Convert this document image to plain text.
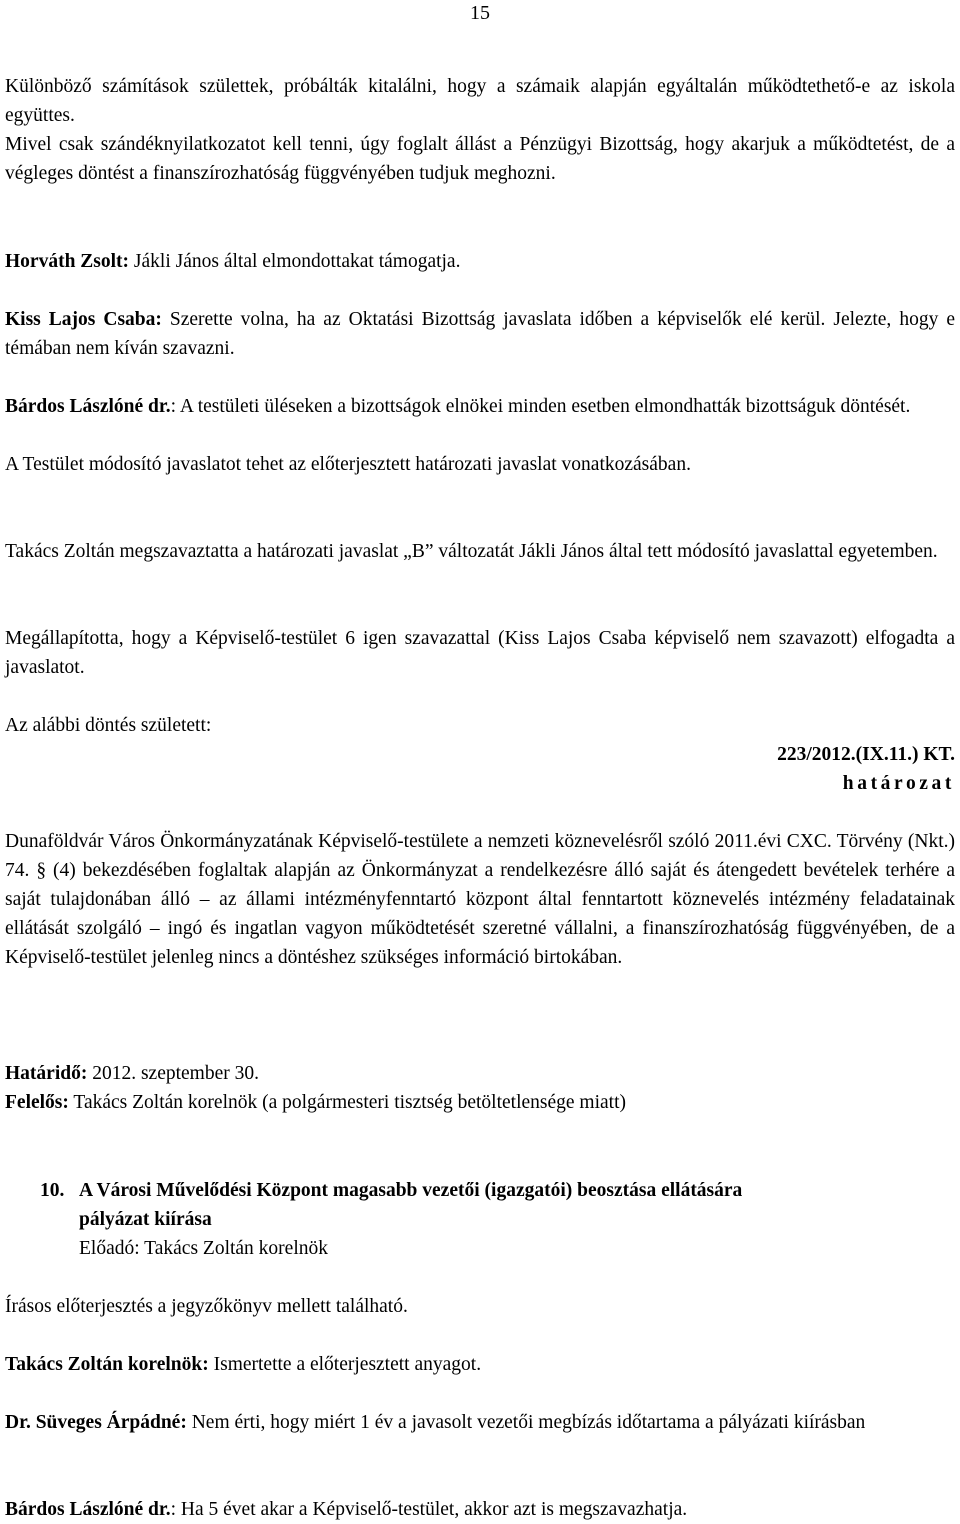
15

Különböző számítások születtek, próbálták kitalálni, hogy a számaik alapján egyáltalán működtethető-e az iskola együttes.

Mivel csak szándéknyilatkozatot kell tenni, úgy foglalt állást a Pénzügyi Bizottság, hogy akarjuk a működtetést, de a végleges döntést a finanszírozhatóság függvényében tudjuk meghozni.

Horváth Zsolt: Jákli János által elmondottakat támogatja.

Kiss Lajos Csaba: Szerette volna, ha az Oktatási Bizottság javaslata időben a képviselők elé kerül. Jelezte, hogy e témában nem kíván szavazni.

Bárdos Lászlóné dr.: A testületi üléseken a bizottságok elnökei minden esetben elmondhatták bizottságuk döntését.

A Testület módosító javaslatot tehet az előterjesztett határozati javaslat vonatkozásában.

Takács Zoltán megszavaztatta a határozati javaslat „B” változatát Jákli János által tett módosító javaslattal egyetemben.

Megállapította, hogy a Képviselő-testület 6 igen szavazattal (Kiss Lajos Csaba képviselő nem szavazott) elfogadta a javaslatot.

Az alábbi döntés született:

223/2012.(IX.11.) KT.
határozat

Dunaföldvár Város Önkormányzatának Képviselő-testülete a nemzeti köznevelésről szóló 2011.évi CXC. Törvény (Nkt.) 74. § (4) bekezdésében foglaltak alapján az Önkormányzat a rendelkezésre álló saját és átengedett bevételek terhére a saját tulajdonában álló – az állami intézményfenntartó központ által fenntartott köznevelés intézmény feladatainak ellátását szolgáló – ingó és ingatlan vagyon működtetését szeretné vállalni, a finanszírozhatóság függvényében, de a Képviselő-testület jelenleg nincs a döntéshez szükséges információ birtokában.

Határidő: 2012. szeptember 30.

Felelős: Takács Zoltán korelnök (a polgármesteri tisztség betöltetlensége miatt)

10. A Városi Művelődési Központ magasabb vezetői (igazgatói) beosztása ellátására
pályázat kiírása
Előadó: Takács Zoltán korelnök

Írásos előterjesztés a jegyzőkönyv mellett található.

Takács Zoltán korelnök: Ismertette a előterjesztett anyagot.

Dr. Süveges Árpádné: Nem érti, hogy miért 1 év a javasolt vezetői megbízás időtartama a pályázati kiírásban

Bárdos Lászlóné dr.: Ha 5 évet akar a Képviselő-testület, akkor azt is megszavazhatja.
